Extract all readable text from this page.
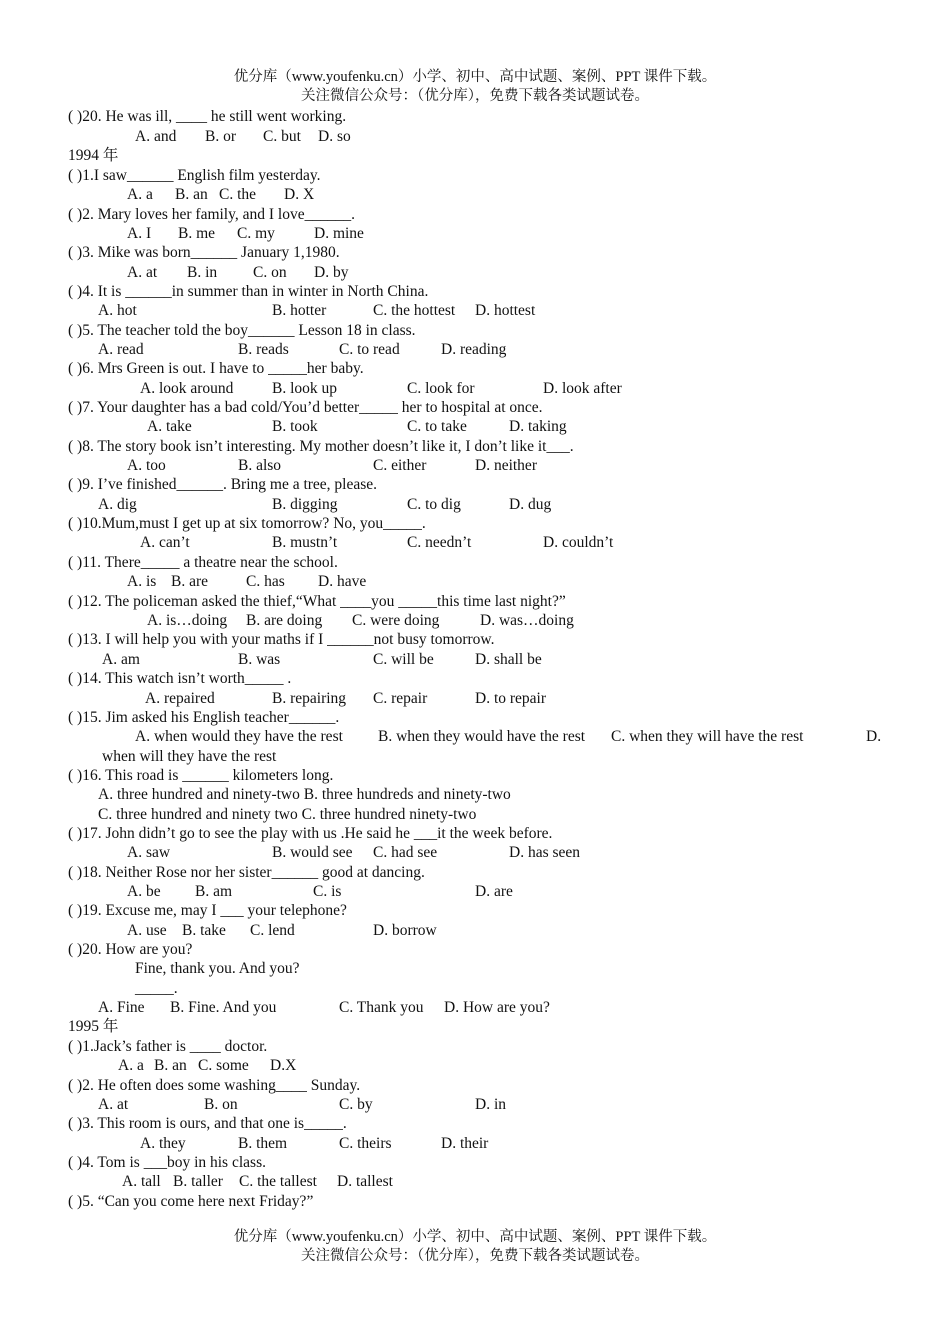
优分库（www.youfenku.cn）小学、初中、高中试题、案例、PPT 课件下载。
关注微信公众号：（优分库），免费下载各类试题试卷。
( )20. He was ill, ____ he still went working.
A. and B. or C. but D. so
1994 年
( )1.I saw______ English film yesterday.
A. a B. an C. the D. X
( )2. Mary loves her family, and I love______.
A. I B. me C. my	D. mine
( )3. Mike was born______ January 1,1980.
A. at B. in C. on D. by
( )4. It is ______in summer than in winter in North China.
A. hot	B. hotter	C. the hottest D. hottest
( )5. The teacher told the boy______ Lesson 18 in class.
A. read	B. reads	C. to read	D. reading
( )6. Mrs Green is out. I have to _____her baby.
A. look around B. look up	C. look for	D. look after
( )7. Your daughter has a bad cold/You’d better_____ her to hospital at once.
A. take	B. took	C. to take	D. taking
( )8. The story book isn’t interesting. My mother doesn’t like it, I don’t like it___.
A. too	B. also	C. either	D. neither
( )9. I’ve finished______. Bring me a tree, please.
A. dig	B. digging	C. to dig	D. dug
( )10.Mum,must I get up at six tomorrow? No, you_____.
A. can’t	B. mustn’t	C. needn’t	D. couldn’t
( )11. There_____ a theatre near the school.
A. is B. are C. has D. have
( )12. The policeman asked the thief,“What ____you _____this time last night?”
A. is…doing B. are doing C. were doing	D. was…doing
( )13. I will help you with your maths if I ______not busy tomorrow.
A. am	B. was	C. will be	D. shall be
( )14. This watch isn’t worth_____ .
A. repaired	B. repairing C. repair	D. to repair
( )15. Jim asked his English teacher______.
A. when would they have the rest B. when they would have the rest C. when they will have the rest	D.
when will they have the rest
( )16. This road is ______ kilometers long.
A. three hundred and ninety-two B. three hundreds and ninety-two
C. three hundred and ninety two C. three hundred ninety-two
( )17. John didn’t go to see the play with us .He said he ___it the week before.
A. saw	B. would see C. had see	D. has seen
( )18. Neither Rose nor her sister______ good at dancing.
A. be B. am	C. is	D. are
( )19. Excuse me, may I ___ your telephone?
A. use B. take C. lend	D. borrow
( )20. How are you?
Fine, thank you. And you?
_____.
A. Fine B. Fine. And you	C. Thank you D. How are you?
1995 年
( )1.Jack’s father is ____ doctor.
A. a B. an C. some D.X
( )2. He often does some washing____ Sunday.
A. at	B. on	C. by	D. in
( )3. This room is ours, and that one is_____.
A. they	B. them	C. theirs	D. their
( )4. Tom is ___boy in his class.
A. tall B. taller C. the tallest D. tallest
( )5. “Can you come here next Friday?”
优分库（www.youfenku.cn）小学、初中、高中试题、案例、PPT 课件下载。
关注微信公众号：（优分库），免费下载各类试题试卷。
